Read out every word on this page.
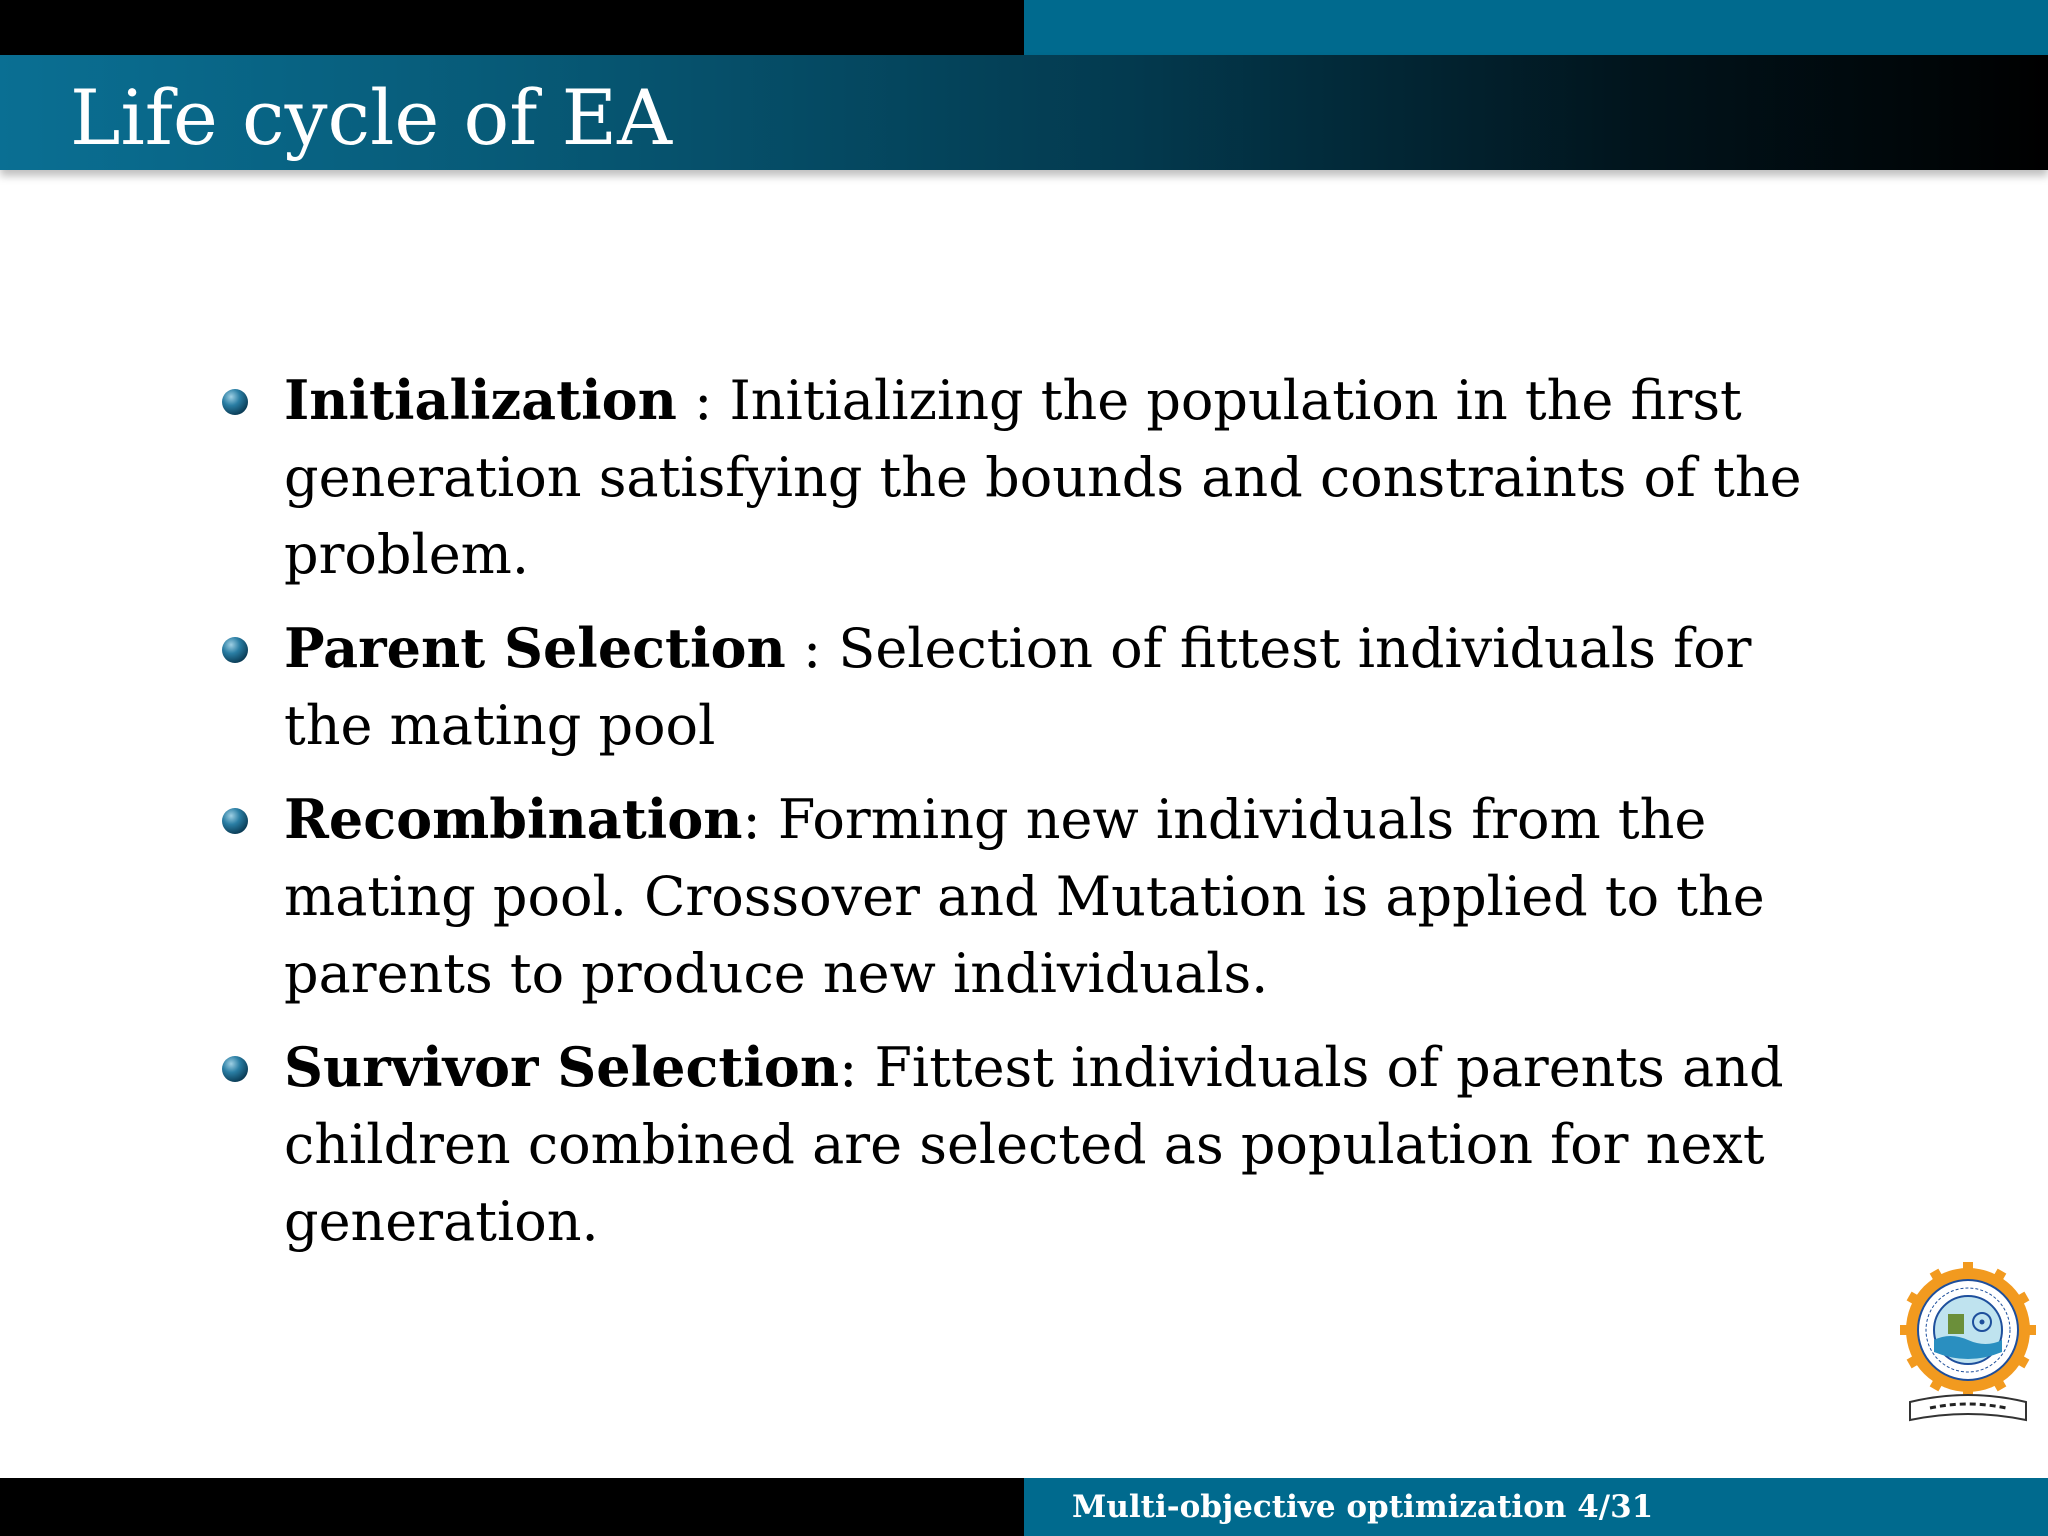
Life cycle of EA
Initialization : Initializing the population in the first generation satisfying the bounds and constraints of the problem.
Parent Selection : Selection of fittest individuals for the mating pool
Recombination: Forming new individuals from the mating pool. Crossover and Mutation is applied to the parents to produce new individuals.
Survivor Selection: Fittest individuals of parents and children combined are selected as population for next generation.
Multi-objective optimization 4/31
